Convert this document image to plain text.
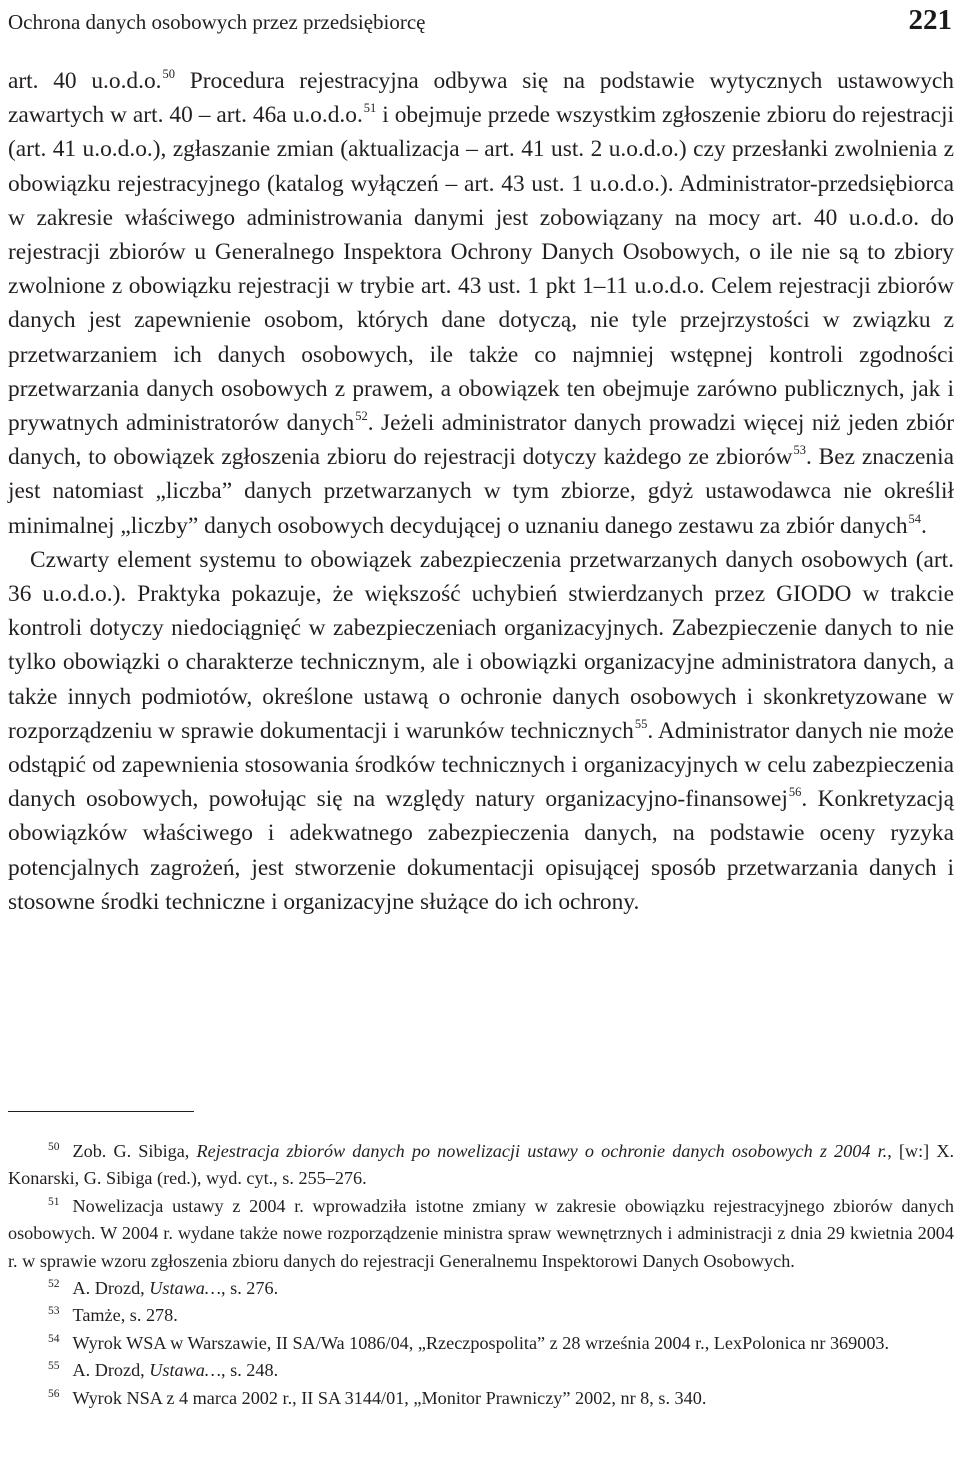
Ochrona danych osobowych przez przedsiębiorcę	221

art. 40 u.o.d.o.$^{50}$ Procedura rejestracyjna odbywa się na podstawie wytycznych ustawowych zawartych w art. 40 – art. 46a u.o.d.o.$^{51}$ i obejmuje przede wszystkim zgłoszenie zbioru do rejestracji (art. 41 u.o.d.o.), zgłaszanie zmian (aktualizacja – art. 41 ust. 2 u.o.d.o.) czy przesłanki zwolnienia z obowiązku rejestracyjnego (katalog wyłączeń – art. 43 ust. 1 u.o.d.o.). Administrator-przedsiębiorca w zakresie właściwego administrowania danymi jest zobowiązany na mocy art. 40 u.o.d.o. do rejestracji zbiorów u Generalnego Inspektora Ochrony Danych Osobowych, o ile nie są to zbiory zwolnione z obowiązku rejestracji w trybie art. 43 ust. 1 pkt 1–11 u.o.d.o. Celem rejestracji zbiorów danych jest zapewnienie osobom, których dane dotyczą, nie tyle przejrzystości w związku z przetwarzaniem ich danych osobowych, ile także co najmniej wstępnej kontroli zgodności przetwarzania danych osobowych z prawem, a obowiązek ten obejmuje zarówno publicznych, jak i prywatnych administratorów danych$^{52}$. Jeżeli administrator danych prowadzi więcej niż jeden zbiór danych, to obowiązek zgłoszenia zbioru do rejestracji dotyczy każdego ze zbiorów$^{53}$. Bez znaczenia jest natomiast „liczba” danych przetwarzanych w tym zbiorze, gdyż ustawodawca nie określił minimalnej „liczby” danych osobowych decydującej o uznaniu danego zestawu za zbiór danych$^{54}$.

Czwarty element systemu to obowiązek zabezpieczenia przetwarzanych danych osobowych (art. 36 u.o.d.o.). Praktyka pokazuje, że większość uchybień stwierdzanych przez GIODO w trakcie kontroli dotyczy niedociągnięć w zabezpieczeniach organizacyjnych. Zabezpieczenie danych to nie tylko obowiązki o charakterze technicznym, ale i obowiązki organizacyjne administratora danych, a także innych podmiotów, określone ustawą o ochronie danych osobowych i skonkretyzowane w rozporządzeniu w sprawie dokumentacji i warunków technicznych$^{55}$. Administrator danych nie może odstąpić od zapewnienia stosowania środków technicznych i organizacyjnych w celu zabezpieczenia danych osobowych, powołując się na względy natury organizacyjno-finansowej$^{56}$. Konkretyzacją obowiązków właściwego i adekwatnego zabezpieczenia danych, na podstawie oceny ryzyka potencjalnych zagrożeń, jest stworzenie dokumentacji opisującej sposób przetwarzania danych i stosowne środki techniczne i organizacyjne służące do ich ochrony.

$^{50}$ Zob. G. Sibiga, Rejestracja zbiorów danych po nowelizacji ustawy o ochronie danych osobowych z 2004 r., [w:] X. Konarski, G. Sibiga (red.), wyd. cyt., s. 255–276.

$^{51}$ Nowelizacja ustawy z 2004 r. wprowadziła istotne zmiany w zakresie obowiązku rejestracyjnego zbiorów danych osobowych. W 2004 r. wydane także nowe rozporządzenie ministra spraw wewnętrznych i administracji z dnia 29 kwietnia 2004 r. w sprawie wzoru zgłoszenia zbioru danych do rejestracji Generalnemu Inspektorowi Danych Osobowych.

$^{52}$ A. Drozd, Ustawa…, s. 276.

$^{53}$ Tamże, s. 278.

$^{54}$ Wyrok WSA w Warszawie, II SA/Wa 1086/04, „Rzeczpospolita” z 28 września 2004 r., LexPolonica nr 369003.

$^{55}$ A. Drozd, Ustawa…, s. 248.

$^{56}$ Wyrok NSA z 4 marca 2002 r., II SA 3144/01, „Monitor Prawniczy” 2002, nr 8, s. 340.
